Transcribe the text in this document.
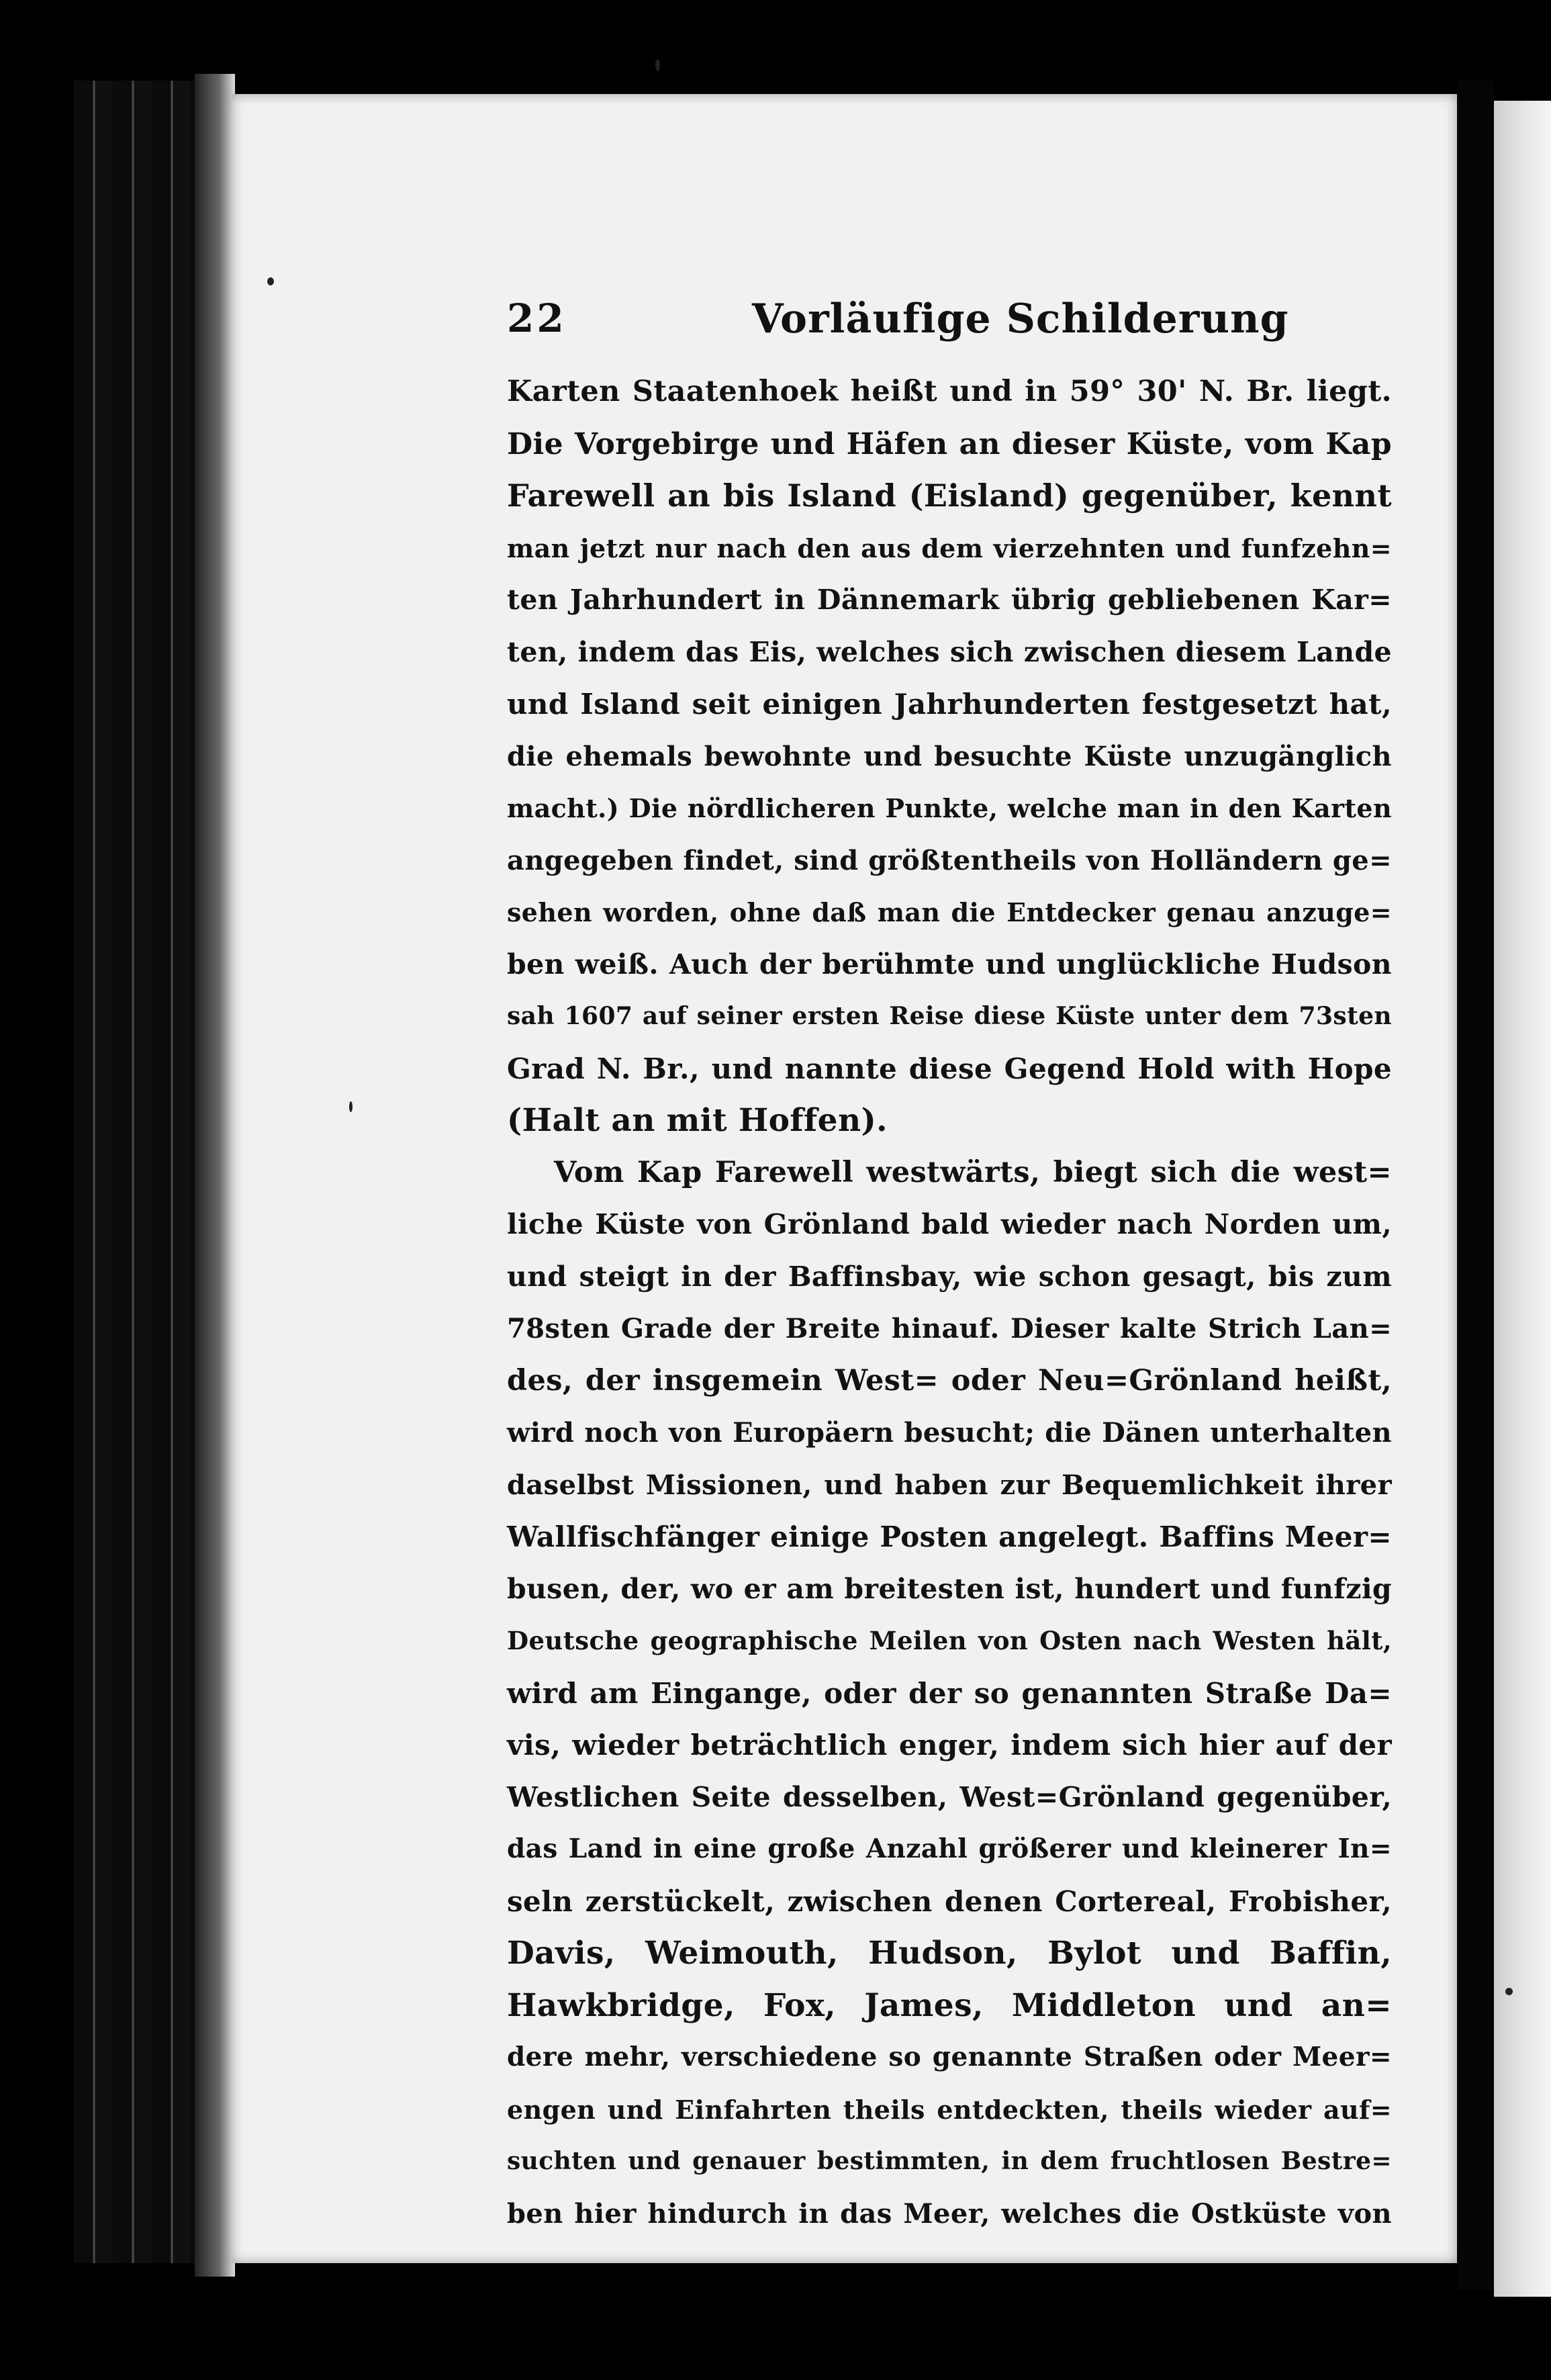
22	Vorläufige Schilderung
Karten Staatenhoek heißt und in 59° 30' N. Br. liegt.
Die Vorgebirge und Häfen an dieser Küste, vom Kap
Farewell an bis Island (Eisland) gegenüber, kennt
man jetzt nur nach den aus dem vierzehnten und funfzehn=
ten Jahrhundert in Dännemark übrig gebliebenen Kar=
ten, indem das Eis, welches sich zwischen diesem Lande
und Island seit einigen Jahrhunderten festgesetzt hat,
die ehemals bewohnte und besuchte Küste unzugänglich
macht.) Die nördlicheren Punkte, welche man in den Karten
angegeben findet, sind größtentheils von Holländern ge=
sehen worden, ohne daß man die Entdecker genau anzuge=
ben weiß. Auch der berühmte und unglückliche Hudson
sah 1607 auf seiner ersten Reise diese Küste unter dem 73sten
Grad N. Br., und nannte diese Gegend Hold with Hope
(Halt an mit Hoffen).
Vom Kap Farewell westwärts, biegt sich die west=
liche Küste von Grönland bald wieder nach Norden um,
und steigt in der Baffinsbay, wie schon gesagt, bis zum
78sten Grade der Breite hinauf. Dieser kalte Strich Lan=
des, der insgemein West= oder Neu=Grönland heißt,
wird noch von Europäern besucht; die Dänen unterhalten
daselbst Missionen, und haben zur Bequemlichkeit ihrer
Wallfischfänger einige Posten angelegt. Baffins Meer=
busen, der, wo er am breitesten ist, hundert und funfzig
Deutsche geographische Meilen von Osten nach Westen hält,
wird am Eingange, oder der so genannten Straße Da=
vis, wieder beträchtlich enger, indem sich hier auf der
Westlichen Seite desselben, West=Grönland gegenüber,
das Land in eine große Anzahl größerer und kleinerer In=
seln zerstückelt, zwischen denen Cortereal, Frobisher,
Davis, Weimouth, Hudson, Bylot und Baffin,
Hawkbridge, Fox, James, Middleton und an=
dere mehr, verschiedene so genannte Straßen oder Meer=
engen und Einfahrten theils entdeckten, theils wieder auf=
suchten und genauer bestimmten, in dem fruchtlosen Bestre=
ben hier hindurch in das Meer, welches die Ostküste von
